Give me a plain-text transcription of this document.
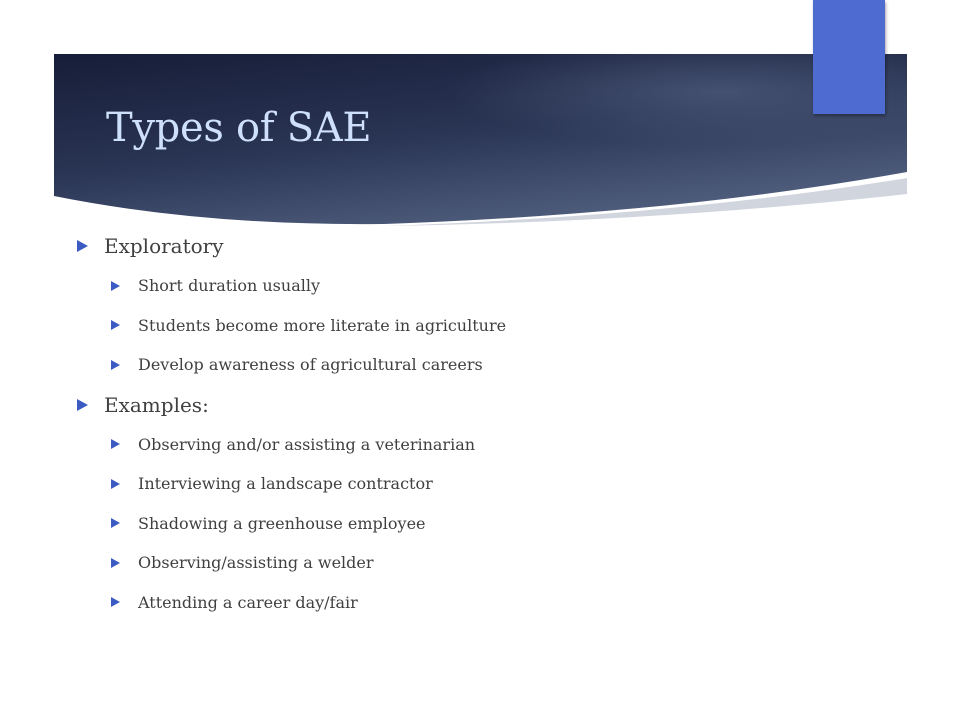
Types of SAE
Exploratory
Short duration usually
Students become more literate in agriculture
Develop awareness of agricultural careers
Examples:
Observing and/or assisting a veterinarian
Interviewing a landscape contractor
Shadowing a greenhouse employee
Observing/assisting a welder
Attending a career day/fair
